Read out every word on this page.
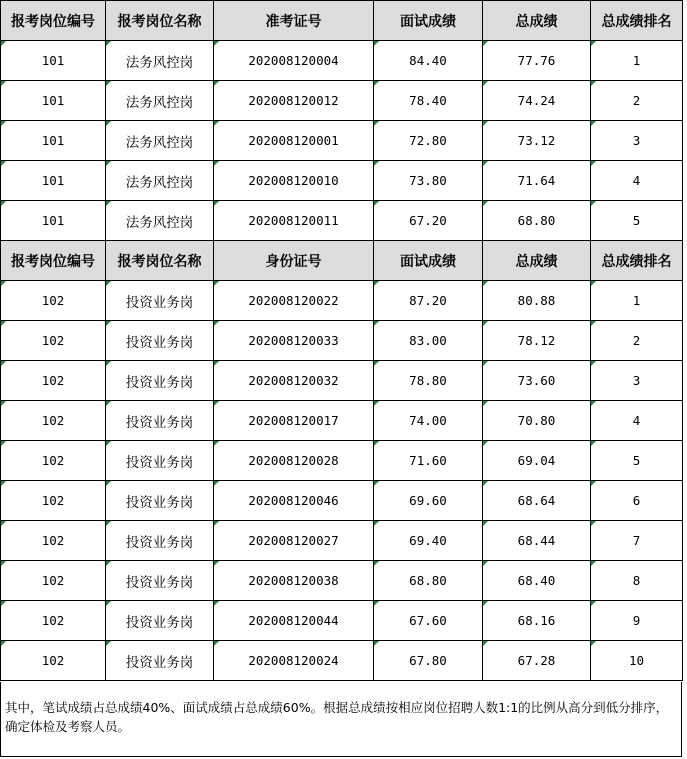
报考岗位编号	报考岗位名称	准考证号	面试成绩	总成绩	总成绩排名

101	法务风控岗	202008120004	84.40	77.76	1

101	法务风控岗	202008120012	78.40	74.24	2

101	法务风控岗	202008120001	72.80	73.12	3

101	法务风控岗	202008120010	73.80	71.64	4

101	法务风控岗	202008120011	67.20	68.80	5
报考岗位编号	报考岗位名称	身份证号	面试成绩	总成绩	总成绩排名

102	投资业务岗	202008120022	87.20	80.88	1

102	投资业务岗	202008120033	83.00	78.12	2

102	投资业务岗	202008120032	78.80	73.60	3

102	投资业务岗	202008120017	74.00	70.80	4

102	投资业务岗	202008120028	71.60	69.04	5

102	投资业务岗	202008120046	69.60	68.64	6

102	投资业务岗	202008120027	69.40	68.44	7

102	投资业务岗	202008120038	68.80	68.40	8

102	投资业务岗	202008120044	67.60	68.16	9

102	投资业务岗	202008120024	67.80	67.28	10
其中，笔试成绩占总成绩40%、面试成绩占总成绩60%。根据总成绩按相应岗位招聘人数1:1的比例从高分到低分排序，确定体检及考察人员。
